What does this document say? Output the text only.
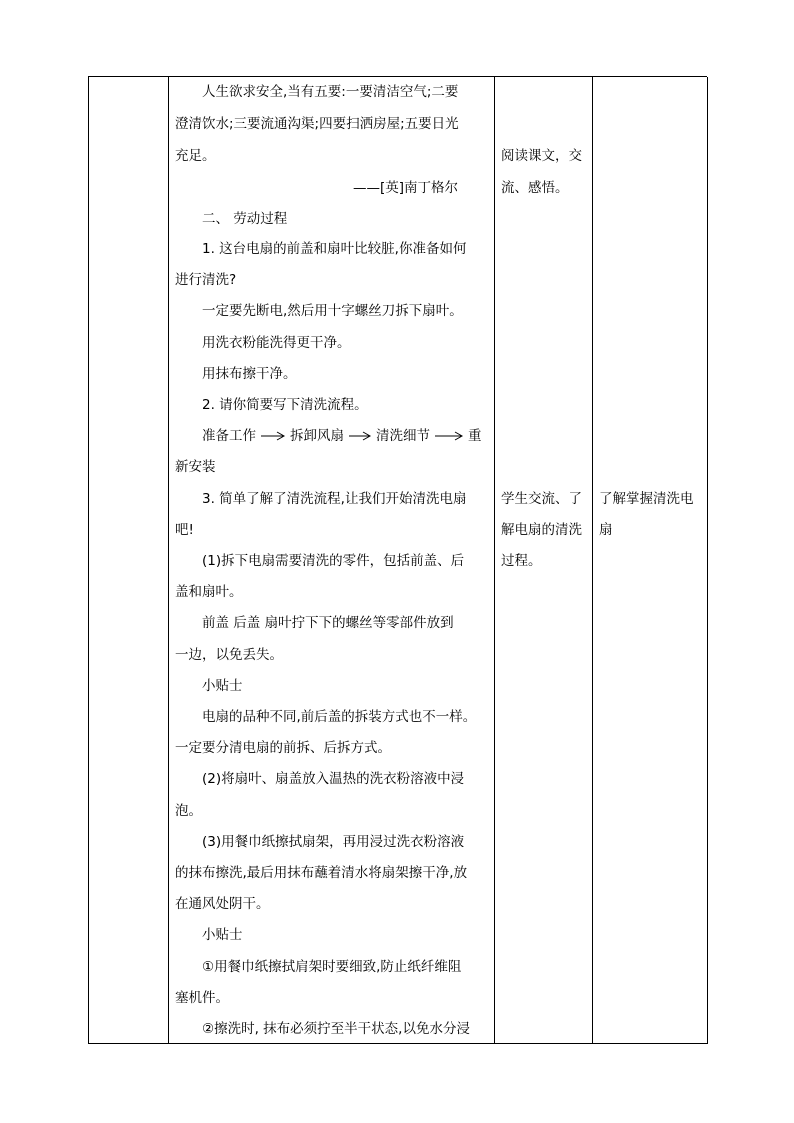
人生欲求安全,当有五要:一要清洁空气;二要
澄清饮水;三要流通沟渠;四要扫洒房屋;五要日光
充足。
——[英]南丁格尔
二、 劳动过程
1. 这台电扇的前盖和扇叶比较脏,你准备如何
进行清洗?
一定要先断电,然后用十字螺丝刀拆下扇叶。
用洗衣粉能洗得更干净。
用抹布擦干净。
2. 请你简要写下清洗流程。
准备工作	拆卸风扇 清洗细节	重
新安装
3. 简单了解了清洗流程,让我们开始清洗电扇
吧!
(1)拆下电扇需要清洗的零件，包括前盖、后
盖和扇叶。
前盖 后盖 扇叶拧下下的螺丝等零部件放到
一边，以免丢失。
小贴士
电扇的品种不同,前后盖的拆装方式也不一样。
一定要分清电扇的前拆、后拆方式。
(2)将扇叶、扇盖放入温热的洗衣粉溶液中浸
泡。
(3)用餐巾纸擦拭扇架，再用浸过洗衣粉溶液
的抹布擦洗,最后用抹布蘸着清水将扇架擦干净,放
在通风处阴干。
小贴士
①用餐巾纸擦拭肩架时要细致,防止纸纤维阻
塞机件。
②擦洗时, 抹布必须拧至半干状态,以免水分浸
阅读课文，交
流、感悟。
学生交流、了
解电扇的清洗
过程。
了解掌握清洗电
扇
